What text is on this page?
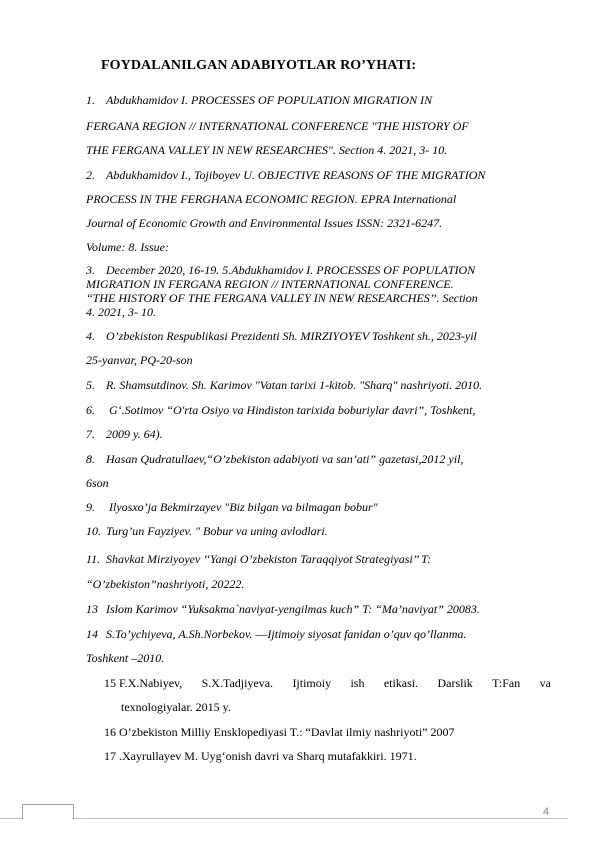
FOYDALANILGAN ADABIYOTLAR RO’YHATI:
1. Abdukhamidov I. PROCESSES OF POPULATION MIGRATION IN
FERGANA REGION // INTERNATIONAL CONFERENCE "THE HISTORY OF
THE FERGANA VALLEY IN NEW RESEARCHES". Section 4. 2021, 3- 10.
2. Abdukhamidov I., Tojiboyev U. OBJECTIVE REASONS OF THE MIGRATION
PROCESS IN THE FERGHANA ECONOMIC REGION. EPRA International
Journal of Economic Growth and Environmental Issues ISSN: 2321-6247.
Volume: 8. Issue:
3. December 2020, 16-19. 5.Abdukhamidov I. PROCESSES OF POPULATION
MIGRATION IN FERGANA REGION // INTERNATIONAL CONFERENCE.
‘‘THE HISTORY OF THE FERGANA VALLEY IN NEW RESEARCHES’’. Section
4. 2021, 3- 10.
4. O’zbekiston Respublikasi Prezidenti Sh. MIRZIYOYEV Toshkent sh., 2023-yil
25-yanvar, PQ-20-son
5. R. Shamsutdinov. Sh. Karimov "Vatan tarixi 1-kitob. "Sharq" nashriyoti. 2010.
6. G‘.Sotimov “O'rta Osiyo va Hindiston tarixida boburiylar davri”, Toshkent,
7. 2009 y. 64).
8. Hasan Qudratullaev,“O’zbekiston adabiyoti va san’ati” gazetasi,2012 yil,
6son
9. Ilyosxo’ja Bekmirzayev "Biz bilgan va bilmagan bobur"
10. Turg’un Fayziyev. " Bobur va uning avlodlari.
11. Shavkat Mirziyoyev ‘‘Yangi O’zbekiston Taraqqiyot Strategiyasi’’ T:
“O’zbekiston”nashriyoti, 20222.
13 Islom Karimov “Yuksakma`naviyat-yengilmas kuch” T: “Ma’naviyat” 20083.
14 S.To’ychiyeva, A.Sh.Norbekov. ―Ijtimoiy siyosat fanidan o’quv qo’llanma.
Toshkent –2010.
15 F.X.Nabiyev, S.X.Tadjiyeva. Ijtimoiy ish etikasi. Darslik T:Fan va
texnologiyalar. 2015 y.
16 O’zbekiston Milliy Ensklopediyasi T.: “Davlat ilmiy nashriyoti” 2007
17 .Xayrullayev M. Uygʻonish davri va Sharq mutafakkiri. 1971.
4
